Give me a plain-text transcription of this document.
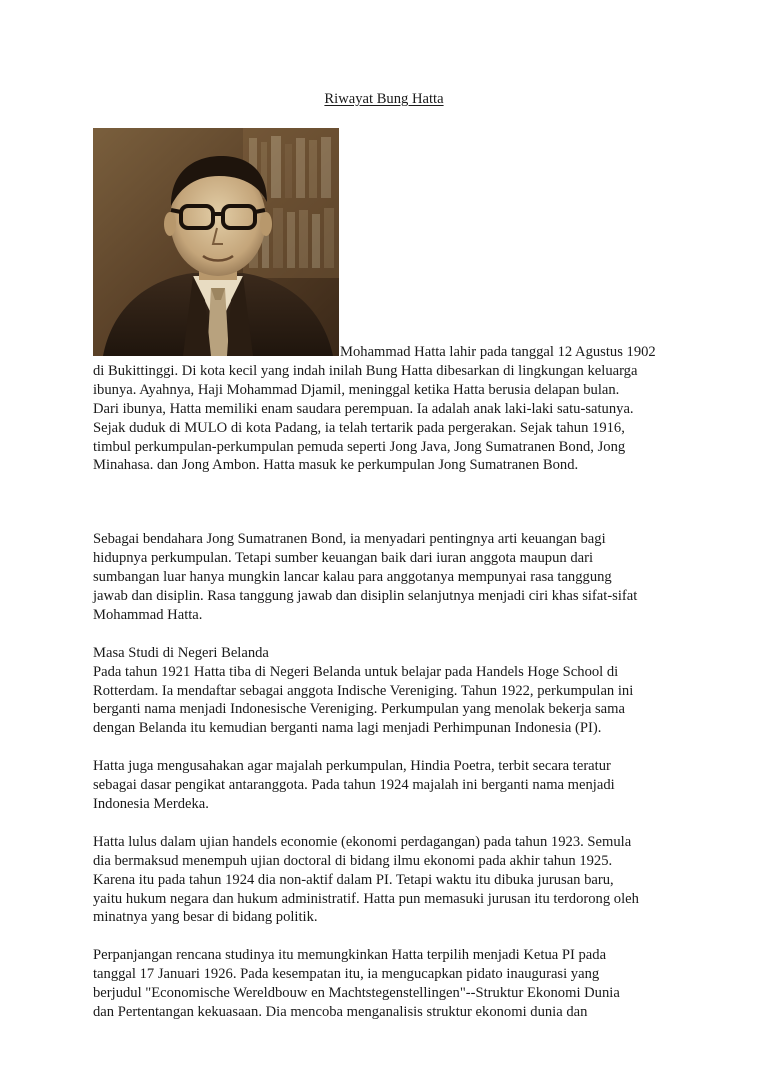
Riwayat Bung Hatta

Mohammad Hatta lahir pada tanggal 12 Agustus 1902

di Bukittinggi. Di kota kecil yang indah inilah Bung Hatta dibesarkan di lingkungan keluarga
ibunya. Ayahnya, Haji Mohammad Djamil, meninggal ketika Hatta berusia delapan bulan.
Dari ibunya, Hatta memiliki enam saudara perempuan. Ia adalah anak laki-laki satu-satunya.
Sejak duduk di MULO di kota Padang, ia telah tertarik pada pergerakan. Sejak tahun 1916,
timbul perkumpulan-perkumpulan pemuda seperti Jong Java, Jong Sumatranen Bond, Jong
Minahasa. dan Jong Ambon. Hatta masuk ke perkumpulan Jong Sumatranen Bond.
Sebagai bendahara Jong Sumatranen Bond, ia menyadari pentingnya arti keuangan bagi
hidupnya perkumpulan. Tetapi sumber keuangan baik dari iuran anggota maupun dari
sumbangan luar hanya mungkin lancar kalau para anggotanya mempunyai rasa tanggung
jawab dan disiplin. Rasa tanggung jawab dan disiplin selanjutnya menjadi ciri khas sifat-sifat
Mohammad Hatta.
Masa Studi di Negeri Belanda
Pada tahun 1921 Hatta tiba di Negeri Belanda untuk belajar pada Handels Hoge School di
Rotterdam. Ia mendaftar sebagai anggota Indische Vereniging. Tahun 1922, perkumpulan ini
berganti nama menjadi Indonesische Vereniging. Perkumpulan yang menolak bekerja sama
dengan Belanda itu kemudian berganti nama lagi menjadi Perhimpunan Indonesia (PI).
Hatta juga mengusahakan agar majalah perkumpulan, Hindia Poetra, terbit secara teratur
sebagai dasar pengikat antaranggota. Pada tahun 1924 majalah ini berganti nama menjadi
Indonesia Merdeka.
Hatta lulus dalam ujian handels economie (ekonomi perdagangan) pada tahun 1923. Semula
dia bermaksud menempuh ujian doctoral di bidang ilmu ekonomi pada akhir tahun 1925.
Karena itu pada tahun 1924 dia non-aktif dalam PI. Tetapi waktu itu dibuka jurusan baru,
yaitu hukum negara dan hukum administratif. Hatta pun memasuki jurusan itu terdorong oleh
minatnya yang besar di bidang politik.
Perpanjangan rencana studinya itu memungkinkan Hatta terpilih menjadi Ketua PI pada
tanggal 17 Januari 1926. Pada kesempatan itu, ia mengucapkan pidato inaugurasi yang
berjudul "Economische Wereldbouw en Machtstegenstellingen"--Struktur Ekonomi Dunia
dan Pertentangan kekuasaan. Dia mencoba menganalisis struktur ekonomi dunia dan
